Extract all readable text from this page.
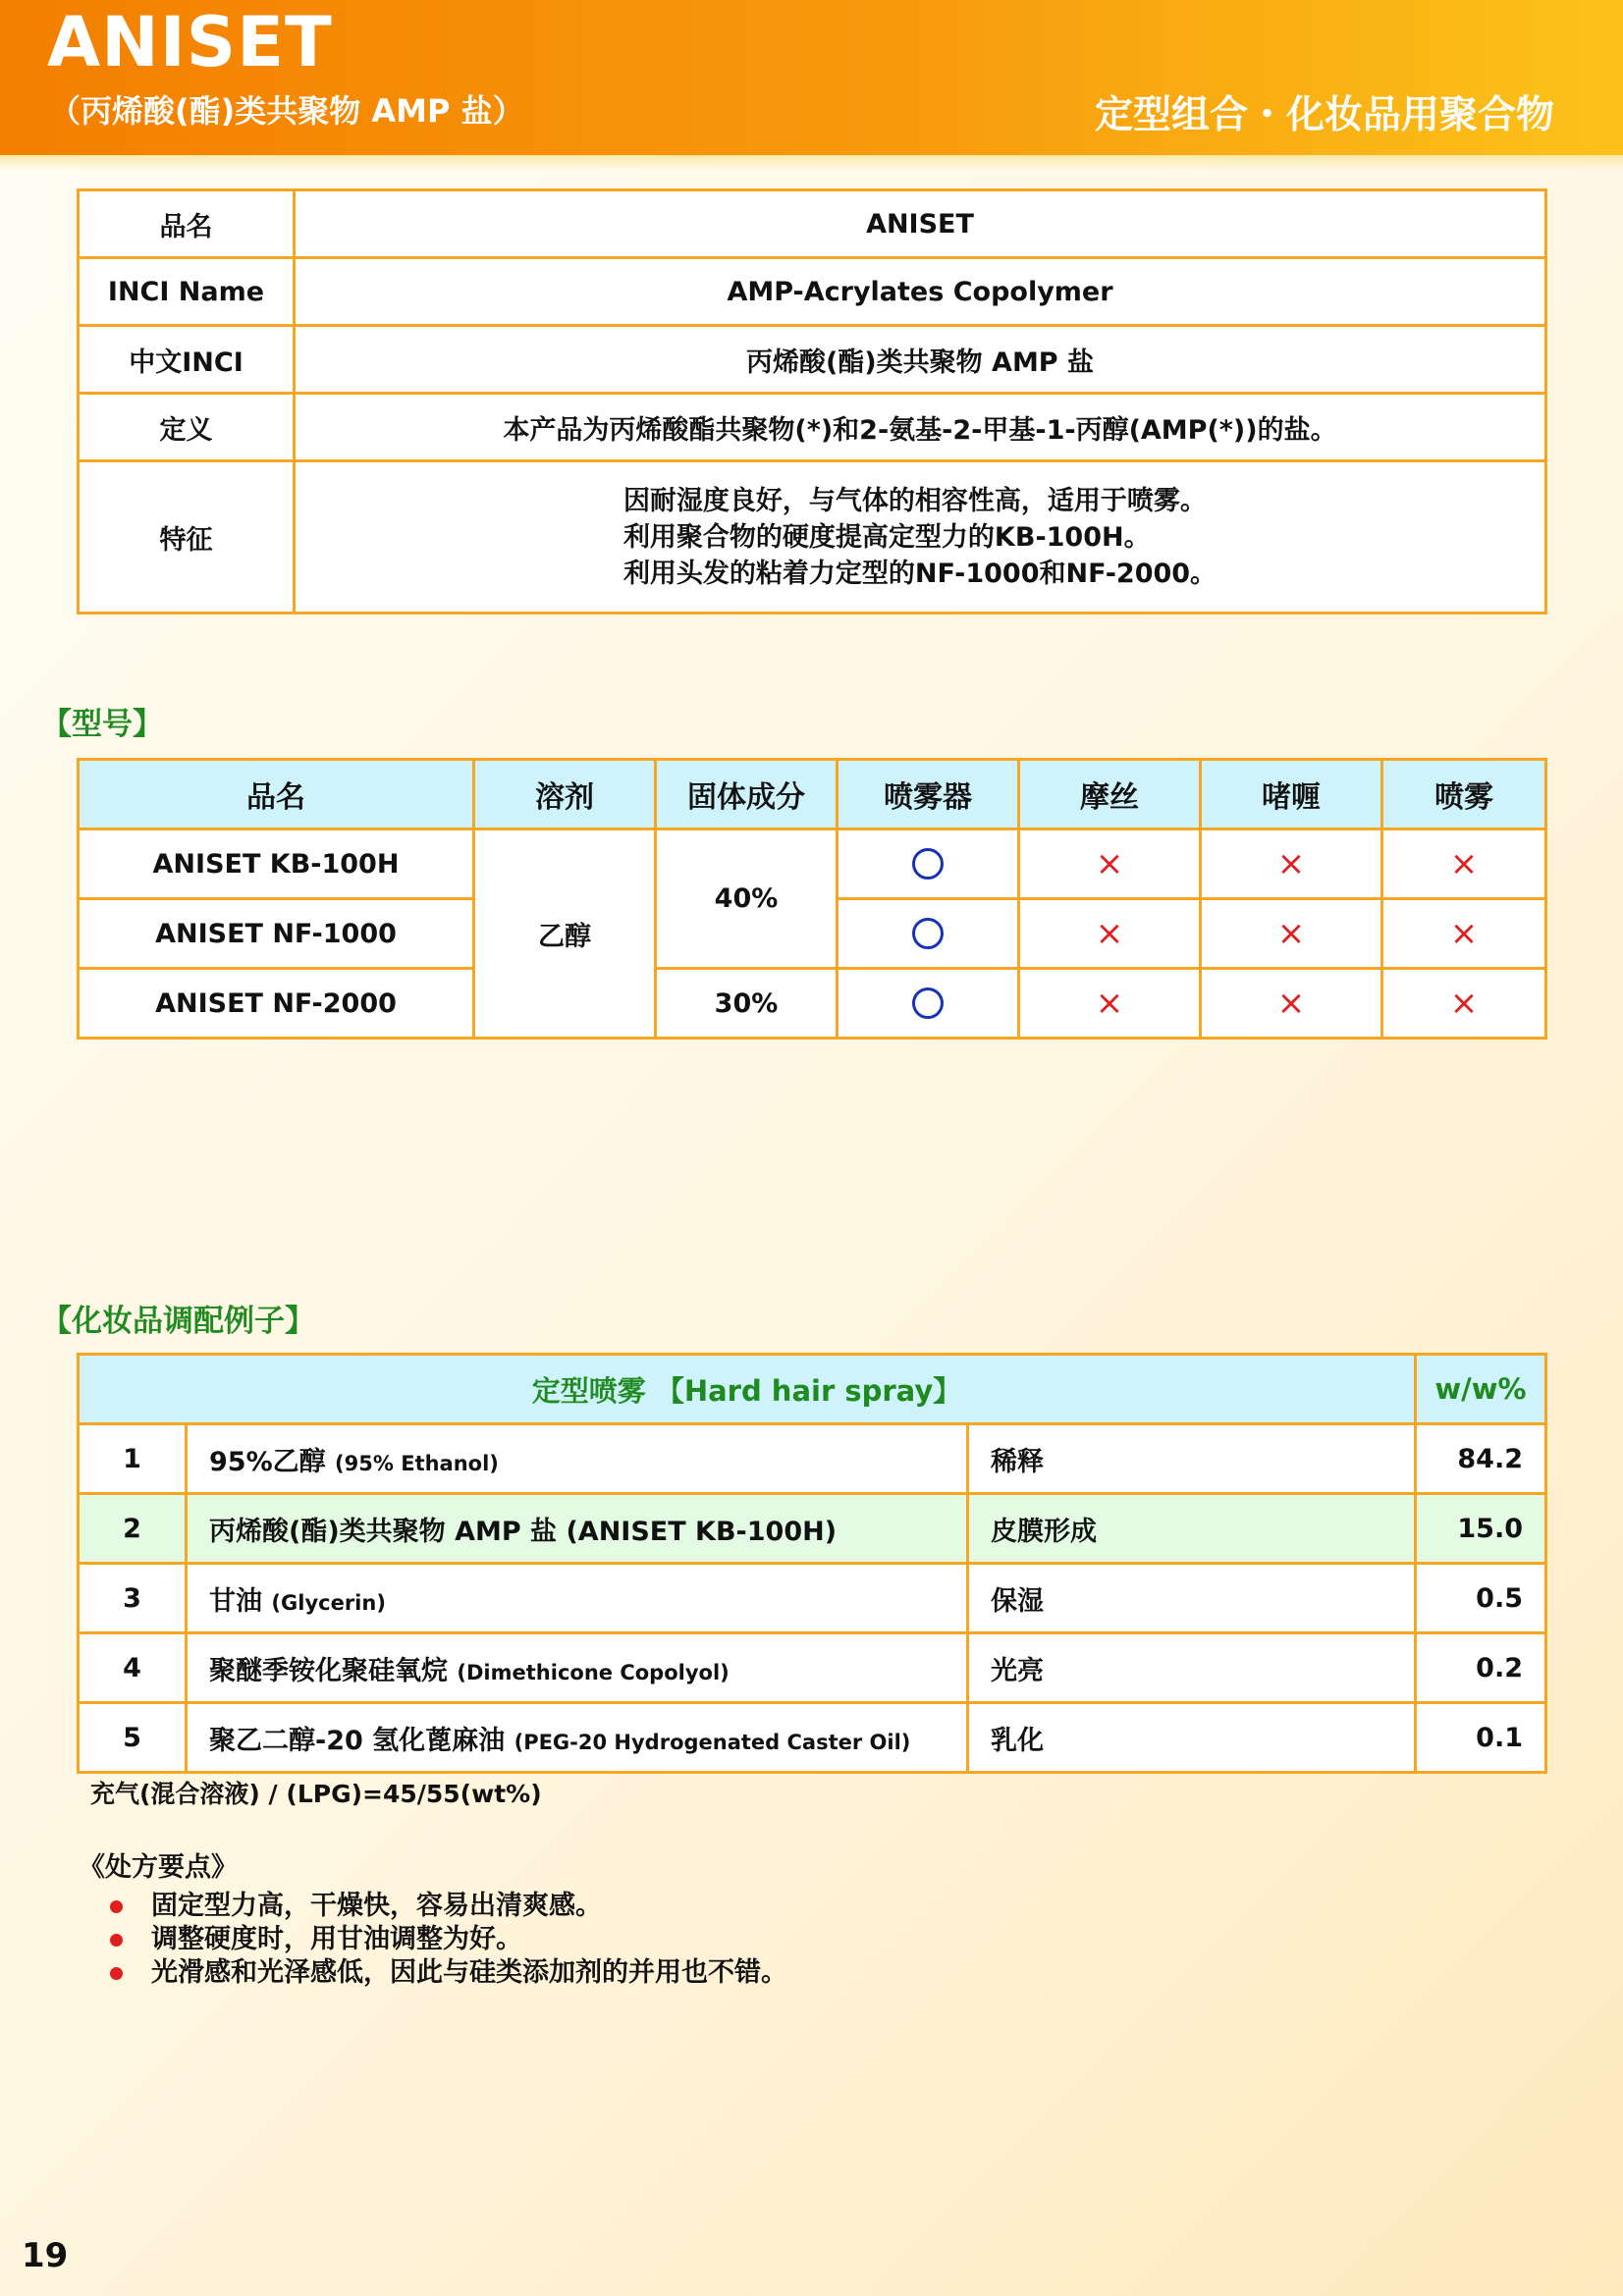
ANISET
（丙烯酸(酯)类共聚物 AMP 盐）	定型组合・化妆品用聚合物
品名	ANISET
INCI Name	AMP-Acrylates Copolymer
中文INCI	丙烯酸(酯)类共聚物 AMP 盐
定义	本产品为丙烯酸酯共聚物(*)和2-氨基-2-甲基-1-丙醇(AMP(*))的盐。
特征	因耐湿度良好，与气体的相容性高，适用于喷雾。
利用聚合物的硬度提高定型力的KB-100H。
利用头发的粘着力定型的NF-1000和NF-2000。
【型号】
品名	溶剂	固体成分	喷雾器	摩丝	啫喱	喷雾
ANISET KB-100H	乙醇	40%		×	×	×
ANISET NF-1000				×	×	×
ANISET NF-2000		30%		×	×	×
【化妆品调配例子】
定型喷雾 【Hard hair spray】			w/w%
1	95%乙醇 (95% Ethanol)	稀释	84.2
2	丙烯酸(酯)类共聚物 AMP 盐 (ANISET KB-100H)	皮膜形成	15.0
3	甘油 (Glycerin)	保湿	0.5
4	聚醚季铵化聚硅氧烷 (Dimethicone Copolyol)	光亮	0.2
5	聚乙二醇-20 氢化蓖麻油 (PEG-20 Hydrogenated Caster Oil)	乳化	0.1
充气(混合溶液) / (LPG)=45/55(wt%)
《处方要点》
固定型力高，干燥快，容易出清爽感。
调整硬度时，用甘油调整为好。
光滑感和光泽感低，因此与硅类添加剂的并用也不错。
19
